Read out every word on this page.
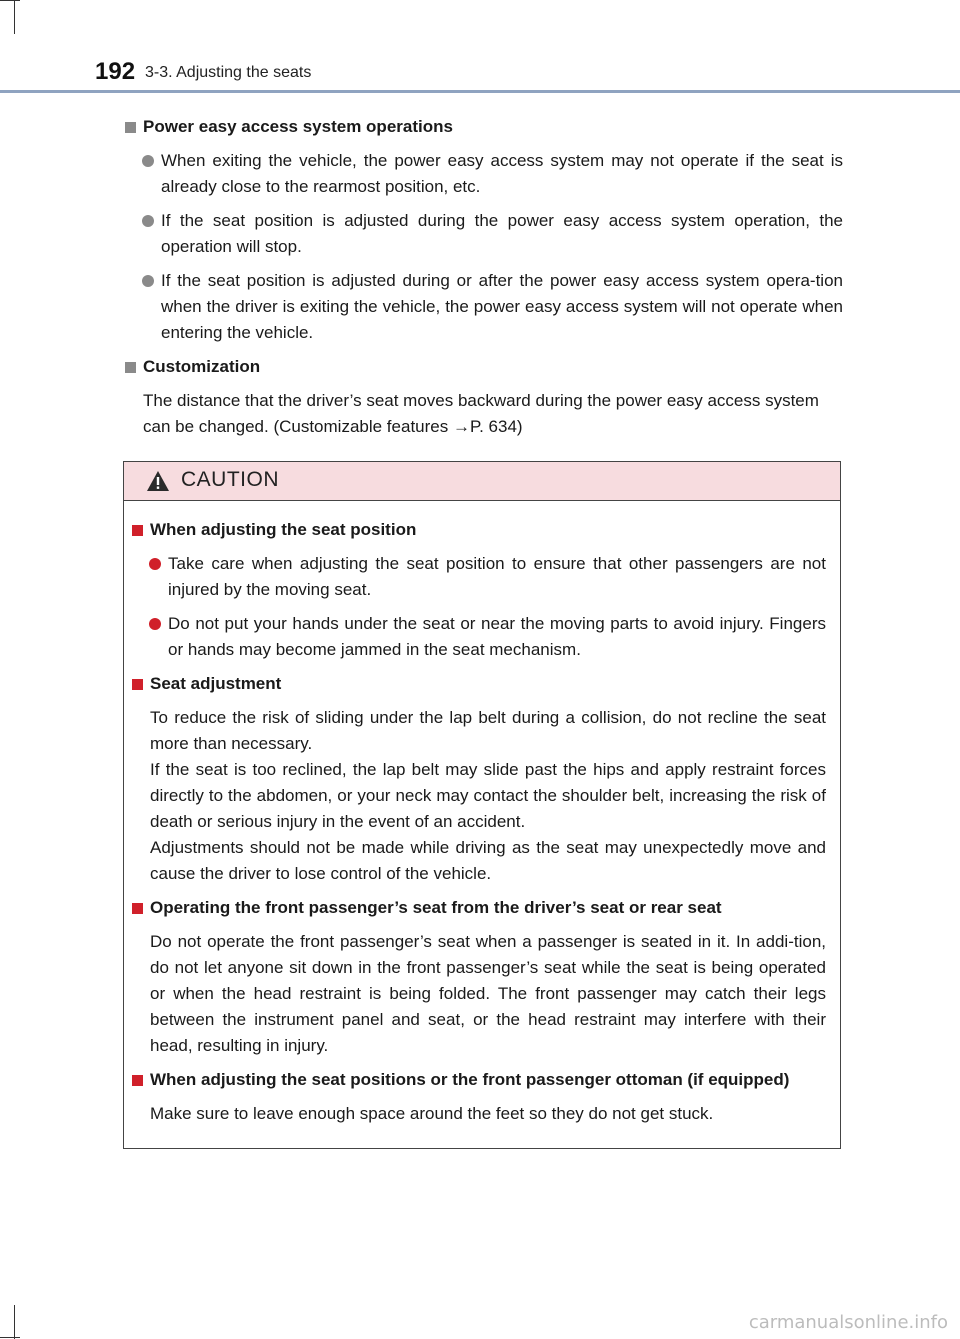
192 3-3. Adjusting the seats
Power easy access system operations
When exiting the vehicle, the power easy access system may not operate if the seat is already close to the rearmost position, etc.
If the seat position is adjusted during the power easy access system operation, the operation will stop.
If the seat position is adjusted during or after the power easy access system opera-tion when the driver is exiting the vehicle, the power easy access system will not operate when entering the vehicle.
Customization
The distance that the driver’s seat moves backward during the power easy access system can be changed. (Customizable features →P. 634)
CAUTION
When adjusting the seat position
Take care when adjusting the seat position to ensure that other passengers are not injured by the moving seat.
Do not put your hands under the seat or near the moving parts to avoid injury. Fingers or hands may become jammed in the seat mechanism.
Seat adjustment
To reduce the risk of sliding under the lap belt during a collision, do not recline the seat more than necessary.
If the seat is too reclined, the lap belt may slide past the hips and apply restraint forces directly to the abdomen, or your neck may contact the shoulder belt, increasing the risk of death or serious injury in the event of an accident.
Adjustments should not be made while driving as the seat may unexpectedly move and cause the driver to lose control of the vehicle.
Operating the front passenger’s seat from the driver’s seat or rear seat
Do not operate the front passenger’s seat when a passenger is seated in it. In addi-tion, do not let anyone sit down in the front passenger’s seat while the seat is being operated or when the head restraint is being folded. The front passenger may catch their legs between the instrument panel and seat, or the head restraint may interfere with their head, resulting in injury.
When adjusting the seat positions or the front passenger ottoman (if equipped)
Make sure to leave enough space around the feet so they do not get stuck.
carmanualsonline.info
